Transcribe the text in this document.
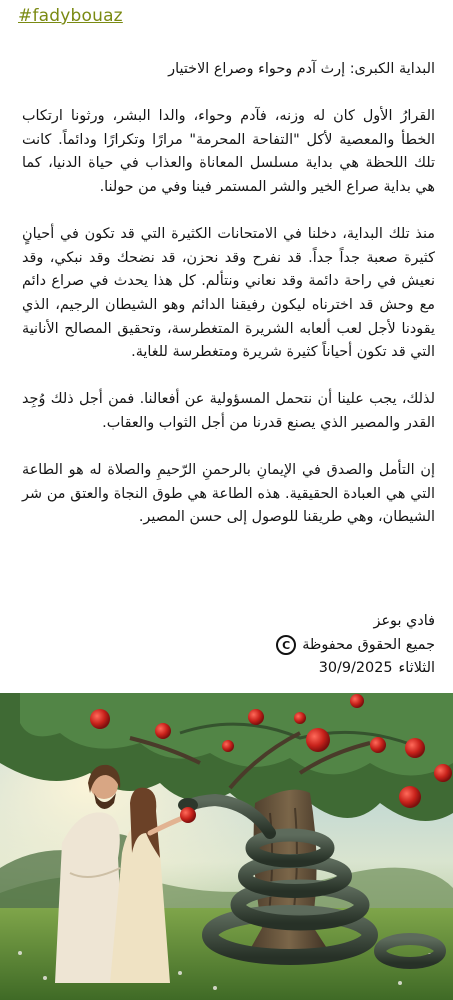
#fadybouaz

البداية الكبرى: إرث آدم وحواء وصراع الاختيار

القرارُ الأول كان له وزنه، فآدم وحواء، والدا البشر، ورثونا ارتكاب الخطأ والمعصية لأكل "التفاحة المحرمة" مرارًا وتكرارًا ودائماً. كانت تلك اللحظة هي بداية مسلسل المعاناة والعذاب في حياة الدنيا، كما هي بداية صراع الخير والشر المستمر فينا وفي من حولنا.

منذ تلك البداية، دخلنا في الامتحانات الكثيرة التي قد تكون في أحيانٍ كثيرة صعبة جداً جداً. قد نفرح وقد نحزن، قد نضحك وقد نبكي، وقد نعيش في راحة دائمة وقد نعاني ونتألم. كل هذا يحدث في صراع دائم مع وحش قد اخترناه ليكون رفيقنا الدائم وهو الشيطان الرجيم، الذي يقودنا لأجل لعب ألعابه الشريرة المتغطرسة، وتحقيق المصالح الأنانية التي قد تكون أحياناً كثيرة شريرة ومتغطرسة للغاية.

لذلك، يجب علينا أن نتحمل المسؤولية عن أفعالنا. فمن أجل ذلك وُجِد القدر والمصير الذي يصنع قدرنا من أجل الثواب والعقاب.

إن التأمل والصدق في الإيمانِ بالرحمنِ الرّحيمِ والصلاة له هو الطاعة التي هي العبادة الحقيقية. هذه الطاعة هي طوق النجاة والعتق من شر الشيطان، وهي طريقنا للوصول إلى حسن المصير.

فادي بوعز
جميع الحقوق محفوظة
C
الثلاثاء
30/9/2025
